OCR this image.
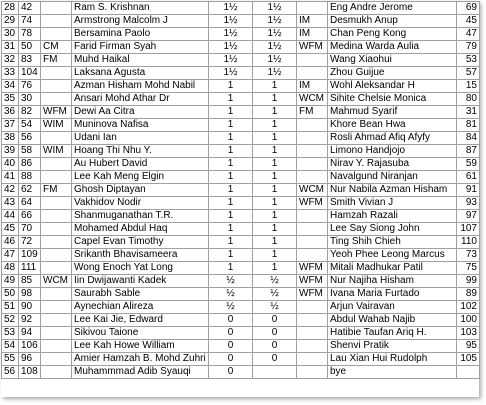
28	42		Ram S. Krishnan	1½	1½		Eng Andre Jerome	69
29	74		Armstrong Malcolm J	1½	1½	IM	Desmukh Anup	45
30	78		Bersamina Paolo	1½	1½	IM	Chan Peng Kong	47
31	50	CM	Farid Firman Syah	1½	1½	WFM	Medina Warda Aulia	79
32	83	FM	Muhd Haikal	1½	1½		Wang Xiaohui	53
33	104		Laksana Agusta	1½	1½		Zhou Guijue	57
34	76		Azman Hisham Mohd Nabil	1	1	IM	Wohl Aleksandar H	15
35	30		Ansari Mohd Athar Dr	1	1	WCM	Sihite Chelsie Monica	80
36	82	WFM	Dewi Aa Citra	1	1	FM	Mahmud Syarif	31
37	54	WIM	Muninova Nafisa	1	1		Khore Bean Hwa	81
38	56		Udani Ian	1	1		Rosli Ahmad Afiq Afyfy	84
39	58	WIM	Hoang Thi Nhu Y.	1	1		Limono Handjojo	87
40	86		Au Hubert David	1	1		Nirav Y. Rajasuba	59
41	88		Lee Kah Meng Elgin	1	1		Navalgund Niranjan	61
42	62	FM	Ghosh Diptayan	1	1	WCM	Nur Nabila Azman Hisham	91
43	64		Vakhidov Nodir	1	1	WFM	Smith Vivian J	93
44	66		Shanmuganathan T.R.	1	1		Hamzah Razali	97
45	70		Mohamed Abdul Haq	1	1		Lee Say Siong John	107
46	72		Capel Evan Timothy	1	1		Ting Shih Chieh	110
47	109		Srikanth Bhavisameera	1	1		Yeoh Phee Leong Marcus	73
48	111		Wong Enoch Yat Long	1	1	WFM	Mitali Madhukar Patil	75
49	85	WCM	Iin Dwijawanti Kadek	½	½	WFM	Nur Najiha Hisham	99
50	98		Saurabh Sable	½	½	WFM	Ivana Maria Furtado	89
51	90		Aynechian Alireza	½	½		Arjun Vairavan	102
52	92		Lee Kai Jie, Edward	0	0		Abdul Wahab Najib	100
53	94		Sikivou Taione	0	0		Hatibie Taufan Ariq H.	103
54	106		Lee Kah Howe William	0	0		Shenvi Pratik	95
55	96		Amier Hamzah B. Mohd Zuhri	0	0		Lau Xian Hui Rudolph	105
56	108		Muhammmad Adib Syauqi	0			bye	
